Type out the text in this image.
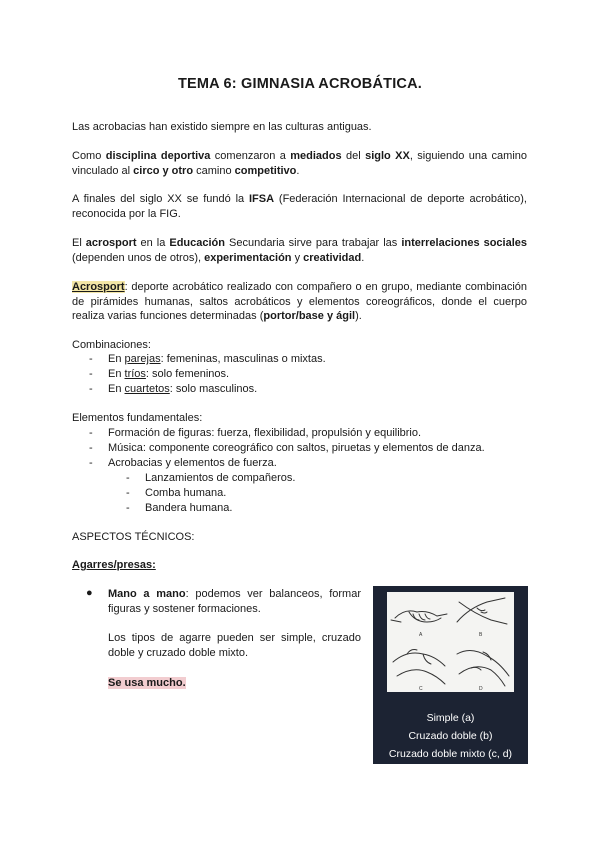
TEMA 6: GIMNASIA ACROBÁTICA.
Las acrobacias han existido siempre en las culturas antiguas.
Como disciplina deportiva comenzaron a mediados del siglo XX, siguiendo una camino vinculado al circo y otro camino competitivo.
A finales del siglo XX se fundó la IFSA (Federación Internacional de deporte acrobático), reconocida por la FIG.
El acrosport en la Educación Secundaria sirve para trabajar las interrelaciones sociales (dependen unos de otros), experimentación y creatividad.
Acrosport: deporte acrobático realizado con compañero o en grupo, mediante combinación de pirámides humanas, saltos acrobáticos y elementos coreográficos, donde el cuerpo realiza varias funciones determinadas (portor/base y ágil).
Combinaciones:
- En parejas: femeninas, masculinas o mixtas.
- En tríos: solo femeninos.
- En cuartetos: solo masculinos.
Elementos fundamentales:
- Formación de figuras: fuerza, flexibilidad, propulsión y equilibrio.
- Música: componente coreográfico con saltos, piruetas y elementos de danza.
- Acrobacias y elementos de fuerza.
- Lanzamientos de compañeros.
- Comba humana.
- Bandera humana.
ASPECTOS TÉCNICOS:
Agarres/presas:
● Mano a mano: podemos ver balanceos, formar figuras y sostener formaciones.
Los tipos de agarre pueden ser simple, cruzado doble y cruzado doble mixto.
Se usa mucho.
A	B
C	D
Simple (a)
Cruzado doble (b)
Cruzado doble mixto (c, d)
